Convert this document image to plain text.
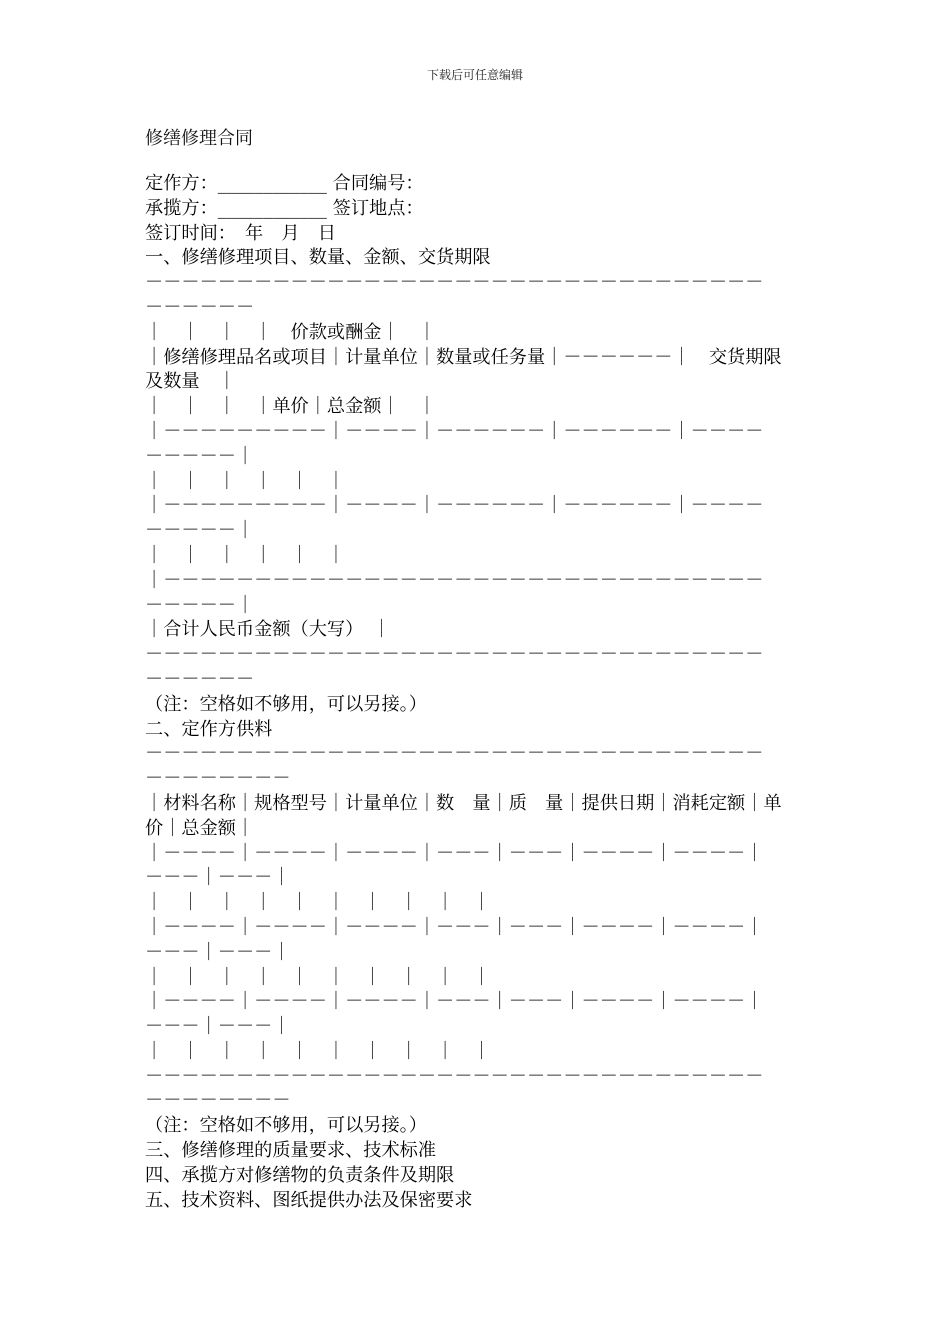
下载后可任意编辑
修缮修理合同
定作方：____________ 合同编号：
承揽方：____________ 签订地点：
签订时间：　年　月　日
一、修缮修理项目、数量、金额、交货期限
－－－－－－－－－－－－－－－－－－－－－－－－－－－－－－－－－－
－－－－－－
｜　｜　｜　｜　价款或酬金｜　｜
｜修缮修理品名或项目｜计量单位｜数量或任务量｜－－－－－－｜　交货期限
及数量　｜
｜　｜　｜　｜单价｜总金额｜　｜
｜－－－－－－－－－｜－－－－｜－－－－－－｜－－－－－－｜－－－－
－－－－－｜
｜　｜　｜　｜　｜　｜
｜－－－－－－－－－｜－－－－｜－－－－－－｜－－－－－－｜－－－－
－－－－－｜
｜　｜　｜　｜　｜　｜
｜－－－－－－－－－－－－－－－－－－－－－－－－－－－－－－－－－
－－－－－｜
｜合计人民币金额（大写）　｜
－－－－－－－－－－－－－－－－－－－－－－－－－－－－－－－－－－
－－－－－－
（注：空格如不够用，可以另接。）
二、定作方供料
－－－－－－－－－－－－－－－－－－－－－－－－－－－－－－－－－－
－－－－－－－－
｜材料名称｜规格型号｜计量单位｜数　量｜质　量｜提供日期｜消耗定额｜单
价｜总金额｜
｜－－－－｜－－－－｜－－－－｜－－－｜－－－｜－－－－｜－－－－｜
－－－｜－－－｜
｜　｜　｜　｜　｜　｜　｜　｜　｜　｜
｜－－－－｜－－－－｜－－－－｜－－－｜－－－｜－－－－｜－－－－｜
－－－｜－－－｜
｜　｜　｜　｜　｜　｜　｜　｜　｜　｜
｜－－－－｜－－－－｜－－－－｜－－－｜－－－｜－－－－｜－－－－｜
－－－｜－－－｜
｜　｜　｜　｜　｜　｜　｜　｜　｜　｜
－－－－－－－－－－－－－－－－－－－－－－－－－－－－－－－－－－
－－－－－－－－
（注：空格如不够用，可以另接。）
三、修缮修理的质量要求、技术标准
四、承揽方对修缮物的负责条件及期限
五、技术资料、图纸提供办法及保密要求
